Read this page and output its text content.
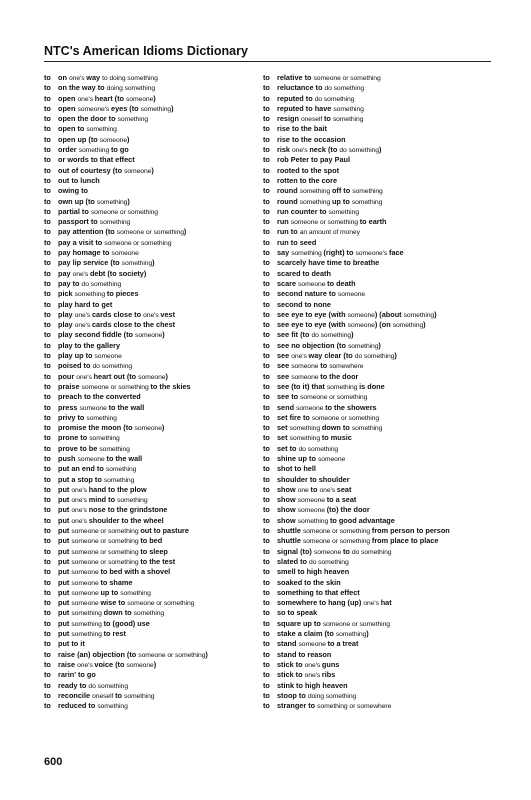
NTC's American Idioms Dictionary
to on one's way to doing something
to on the way to doing something
to open one's heart (to someone)
to open someone's eyes (to something)
to open the door to something
to open to something
to open up (to someone)
to order something to go
to or words to that effect
to out of courtesy (to someone)
to out to lunch
to owing to
to own up (to something)
to partial to someone or something
to passport to something
to pay attention (to someone or something)
to pay a visit to someone or something
to pay homage to someone
to pay lip service (to something)
to pay one's debt (to society)
to pay to do something
to pick something to pieces
to play hard to get
to play one's cards close to one's vest
to play one's cards close to the chest
to play second fiddle (to someone)
to play to the gallery
to play up to someone
to poised to do something
to pour one's heart out (to someone)
to praise someone or something to the skies
to preach to the converted
to press someone to the wall
to privy to something
to promise the moon (to someone)
to prone to something
to prove to be something
to push someone to the wall
to put an end to something
to put a stop to something
to put one's hand to the plow
to put one's mind to something
to put one's nose to the grindstone
to put one's shoulder to the wheel
to put someone or something out to pasture
to put someone or something to bed
to put someone or something to sleep
to put someone or something to the test
to put someone to bed with a shovel
to put someone to shame
to put someone up to something
to put someone wise to someone or something
to put something down to something
to put something to (good) use
to put something to rest
to put to it
to raise (an) objection (to someone or something)
to raise one's voice (to someone)
to rarin' to go
to ready to do something
to reconcile oneself to something
to reduced to something
to relative to someone or something
to reluctance to do something
to reputed to do something
to reputed to have something
to resign oneself to something
to rise to the bait
to rise to the occasion
to risk one's neck (to do something)
to rob Peter to pay Paul
to rooted to the spot
to rotten to the core
to round something off to something
to round something up to something
to run counter to something
to run someone or something to earth
to run to an amount of money
to run to seed
to say something (right) to someone's face
to scarcely have time to breathe
to scared to death
to scare someone to death
to second nature to someone
to second to none
to see eye to eye (with someone) (about something)
to see eye to eye (with someone) (on something)
to see fit (to do something)
to see no objection (to something)
to see one's way clear (to do something)
to see someone to somewhere
to see someone to the door
to see (to it) that something is done
to see to someone or something
to send someone to the showers
to set fire to someone or something
to set something down to something
to set something to music
to set to do something
to shine up to someone
to shot to hell
to shoulder to shoulder
to show one to one's seat
to show someone to a seat
to show someone (to) the door
to show something to good advantage
to shuttle someone or something from person to person
to shuttle someone or something from place to place
to signal (to) someone to do something
to slated to do something
to smell to high heaven
to soaked to the skin
to something to that effect
to somewhere to hang (up) one's hat
to so to speak
to square up to someone or something
to stake a claim (to something)
to stand someone to a treat
to stand to reason
to stick to one's guns
to stick to one's ribs
to stink to high heaven
to stoop to doing something
to stranger to something or somewhere
600
